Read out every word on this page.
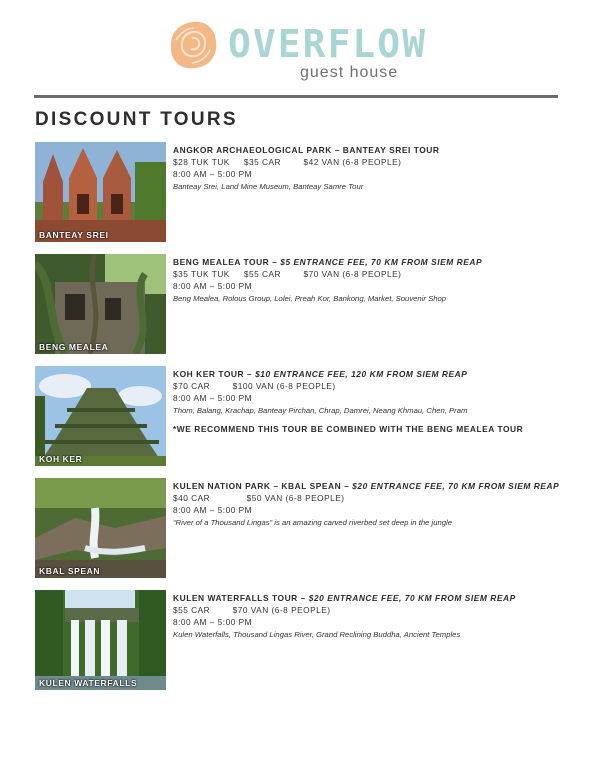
OVERFLOW
guest house
DISCOUNT TOURS
BANTEAY SREI
ANGKOR ARCHAEOLOGICAL PARK – BANTEAY SREI TOUR
$28 TUK TUK     $35 CAR        $42 VAN (6-8 PEOPLE)
8:00 AM – 5:00 PM
Banteay Srei, Land Mine Museum, Banteay Samre Tour
BENG MEALEA
BENG MEALEA TOUR – $5 ENTRANCE FEE, 70 KM FROM SIEM REAP
$35 TUK TUK     $55 CAR        $70 VAN (6-8 PEOPLE)
8:00 AM – 5:00 PM
Beng Mealea, Rolous Group, Lolei, Preah Kor, Bankong, Market, Souvenir Shop
KOH KER
KOH KER TOUR – $10 ENTRANCE FEE, 120 KM FROM SIEM REAP
$70 CAR        $100 VAN (6-8 PEOPLE)
8:00 AM – 5:00 PM
Thom, Balang, Krachap, Banteay Pirchan, Chrap, Damrei, Neang Khmau, Chen, Pram
*WE RECOMMEND THIS TOUR BE COMBINED WITH THE BENG MEALEA TOUR
KBAL SPEAN
KULEN NATION PARK – KBAL SPEAN – $20 ENTRANCE FEE, 70 KM FROM SIEM REAP
$40 CAR             $50 VAN (6-8 PEOPLE)
8:00 AM – 5:00 PM
“River of a Thousand Lingas” is an amazing carved riverbed set deep in the jungle
KULEN WATERFALLS
KULEN WATERFALLS TOUR – $20 ENTRANCE FEE, 70 KM FROM SIEM REAP
$55 CAR        $70 VAN (6-8 PEOPLE)
8:00 AM – 5:00 PM
Kulen Waterfalls, Thousand Lingas River, Grand Reclining Buddha, Ancient Temples
